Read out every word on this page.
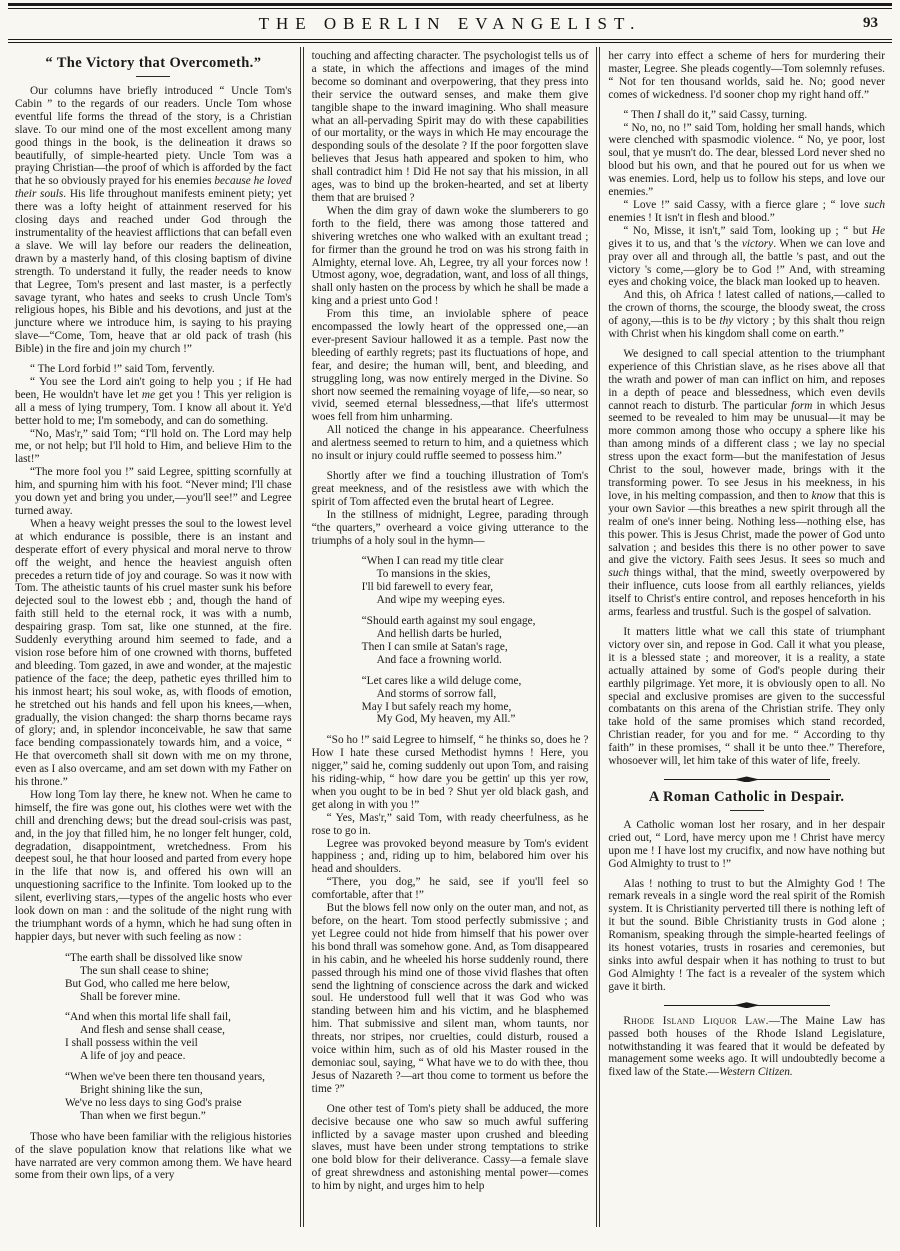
THE OBERLIN EVANGELIST.	93
“ The Victory that Overcometh.”

Our columns have briefly introduced “ Uncle Tom's Cabin ” to the regards of our readers. Uncle Tom whose eventful life forms the thread of the story, is a Christian slave. To our mind one of the most excellent among many good things in the book, is the delineation it draws so beautifully, of simple-hearted piety. Uncle Tom was a praying Christian—the proof of which is afforded by the fact that he so obviously prayed for his enemies because he loved their souls. His life throughout manifests eminent piety; yet there was a lofty height of attainment reserved for his closing days and reached under God through the instrumentality of the heaviest afflictions that can befall even a slave. We will lay before our readers the delineation, drawn by a masterly hand, of this closing baptism of divine strength. To understand it fully, the reader needs to know that Legree, Tom's present and last master, is a perfectly savage tyrant, who hates and seeks to crush Uncle Tom's religious hopes, his Bible and his devotions, and just at the juncture where we introduce him, is saying to his praying slave—“Come, Tom, heave that ar old pack of trash (his Bible) in the fire and join my church !”

“ The Lord forbid !” said Tom, fervently.

“ You see the Lord ain't going to help you ; if He had been, He wouldn't have let me get you ! This yer religion is all a mess of lying trumpery, Tom. I know all about it. Ye'd better hold to me; I'm somebody, and can do something.

“No, Mas'r,” said Tom; “I'll hold on. The Lord may help me, or not help; but I'll hold to Him, and believe Him to the last!”

“The more fool you !” said Legree, spitting scornfully at him, and spurning him with his foot. “Never mind; I'll chase you down yet and bring you under,—you'll see!” and Legree turned away.

When a heavy weight presses the soul to the lowest level at which endurance is possible, there is an instant and desperate effort of every physical and moral nerve to throw off the weight, and hence the heaviest anguish often precedes a return tide of joy and courage. So was it now with Tom. The atheistic taunts of his cruel master sunk his before dejected soul to the lowest ebb ; and, though the hand of faith still held to the eternal rock, it was with a numb, despairing grasp. Tom sat, like one stunned, at the fire. Suddenly everything around him seemed to fade, and a vision rose before him of one crowned with thorns, buffeted and bleeding. Tom gazed, in awe and wonder, at the majestic patience of the face; the deep, pathetic eyes thrilled him to his inmost heart; his soul woke, as, with floods of emotion, he stretched out his hands and fell upon his knees,—when, gradually, the vision changed: the sharp thorns became rays of glory; and, in splendor inconceivable, he saw that same face bending compassionately towards him, and a voice, “ He that overcometh shall sit down with me on my throne, even as I also overcame, and am set down with my Father on his throne.”

How long Tom lay there, he knew not. When he came to himself, the fire was gone out, his clothes were wet with the chill and drenching dews; but the dread soul-crisis was past, and, in the joy that filled him, he no longer felt hunger, cold, degradation, disappointment, wretchedness. From his deepest soul, he that hour loosed and parted from every hope in the life that now is, and offered his own will an unquestioning sacrifice to the Infinite. Tom looked up to the silent, everliving stars,—types of the angelic hosts who ever look down on man : and the solitude of the night rung with the triumphant words of a hymn, which he had sung often in happier days, but never with such feeling as now :

“The earth shall be dissolved like snow
The sun shall cease to shine;
But God, who called me here below,
Shall be forever mine.
“And when this mortal life shall fail,
And flesh and sense shall cease,
I shall possess within the veil
A life of joy and peace.
“When we've been there ten thousand years,
Bright shining like the sun,
We've no less days to sing God's praise
Than when we first begun.”

Those who have been familiar with the religious histories of the slave population know that relations like what we have narrated are very common among them. We have heard some from their own lips, of a very

touching and affecting character. The psychologist tells us of a state, in which the affections and images of the mind become so dominant and overpowering, that they press into their service the outward senses, and make them give tangible shape to the inward imagining. Who shall measure what an all-pervading Spirit may do with these capabilities of our mortality, or the ways in which He may encourage the desponding souls of the desolate ? If the poor forgotten slave believes that Jesus hath appeared and spoken to him, who shall contradict him ! Did He not say that his mission, in all ages, was to bind up the broken-hearted, and set at liberty them that are bruised ?

When the dim gray of dawn woke the slumberers to go forth to the field, there was among those tattered and shivering wretches one who walked with an exultant tread ; for firmer than the ground he trod on was his strong faith in Almighty, eternal love. Ah, Legree, try all your forces now ! Utmost agony, woe, degradation, want, and loss of all things, shall only hasten on the process by which he shall be made a king and a priest unto God !

From this time, an inviolable sphere of peace encompassed the lowly heart of the oppressed one,—an ever-present Saviour hallowed it as a temple. Past now the bleeding of earthly regrets; past its fluctuations of hope, and fear, and desire; the human will, bent, and bleeding, and struggling long, was now entirely merged in the Divine. So short now seemed the remaining voyage of life,—so near, so vivid, seemed eternal blessedness,—that life's uttermost woes fell from him unharming.

All noticed the change in his appearance. Cheerfulness and alertness seemed to return to him, and a quietness which no insult or injury could ruffle seemed to possess him.”

Shortly after we find a touching illustration of Tom's great meekness, and of the resistless awe with which the spirit of Tom affected even the brutal heart of Legree.

In the stillness of midnight, Legree, parading through “the quarters,” overheard a voice giving utterance to the triumphs of a holy soul in the hymn—

“When I can read my title clear
To mansions in the skies,
I'll bid farewell to every fear,
And wipe my weeping eyes.
“Should earth against my soul engage,
And hellish darts be hurled,
Then I can smile at Satan's rage,
And face a frowning world.
“Let cares like a wild deluge come,
And storms of sorrow fall,
May I but safely reach my home,
My God, My heaven, my All.”

“So ho !” said Legree to himself, “ he thinks so, does he ? How I hate these cursed Methodist hymns ! Here, you nigger,” said he, coming suddenly out upon Tom, and raising his riding-whip, “ how dare you be gettin' up this yer row, when you ought to be in bed ? Shut yer old black gash, and get along in with you !”

“ Yes, Mas'r,” said Tom, with ready cheerfulness, as he rose to go in.

Legree was provoked beyond measure by Tom's evident happiness ; and, riding up to him, belabored him over his head and shoulders.

“There, you dog,” he said, see if you'll feel so comfortable, after that !”

But the blows fell now only on the outer man, and not, as before, on the heart. Tom stood perfectly submissive ; and yet Legree could not hide from himself that his power over his bond thrall was somehow gone. And, as Tom disappeared in his cabin, and he wheeled his horse suddenly round, there passed through his mind one of those vivid flashes that often send the lightning of conscience across the dark and wicked soul. He understood full well that it was God who was standing between him and his victim, and he blasphemed him. That submissive and silent man, whom taunts, nor threats, nor stripes, nor cruelties, could disturb, roused a voice within him, such as of old his Master roused in the demoniac soul, saying, “ What have we to do with thee, thou Jesus of Nazareth ?—art thou come to torment us before the time ?”

One other test of Tom's piety shall be adduced, the more decisive because one who saw so much awful suffering inflicted by a savage master upon crushed and bleeding slaves, must have been under strong temptations to strike one bold blow for their deliverance. Cassy—a female slave of great shrewdness and astonishing mental power—comes to him by night, and urges him to help

her carry into effect a scheme of hers for murdering their master, Legree. She pleads cogently—Tom solemnly refuses. “ Not for ten thousand worlds, said he. No; good never comes of wickedness. I'd sooner chop my right hand off.”

“ Then I shall do it,” said Cassy, turning.

“ No, no, no !” said Tom, holding her small hands, which were clenched with spasmodic violence. “ No, ye poor, lost soul, that ye musn't do. The dear, blessed Lord never shed no blood but his own, and that he poured out for us when we was enemies. Lord, help us to follow his steps, and love our enemies.”

“ Love !” said Cassy, with a fierce glare ; “ love such enemies ! It isn't in flesh and blood.”

“ No, Misse, it isn't,” said Tom, looking up ; “ but He gives it to us, and that 's the victory. When we can love and pray over all and through all, the battle 's past, and out the victory 's come,—glory be to God !” And, with streaming eyes and choking voice, the black man looked up to heaven.

And this, oh Africa ! latest called of nations,—called to the crown of thorns, the scourge, the bloody sweat, the cross of agony,—this is to be thy victory ; by this shalt thou reign with Christ when his kingdom shall come on earth.”

We designed to call special attention to the triumphant experience of this Christian slave, as he rises above all that the wrath and power of man can inflict on him, and reposes in a depth of peace and blessedness, which even devils cannot reach to disturb. The particular form in which Jesus seemed to be revealed to him may be unusual—it may be more common among those who occupy a sphere like his than among minds of a different class ; we lay no special stress upon the exact form—but the manifestation of Jesus Christ to the soul, however made, brings with it the transforming power. To see Jesus in his meekness, in his love, in his melting compassion, and then to know that this is your own Savior —this breathes a new spirit through all the realm of one's inner being. Nothing less—nothing else, has this power. This is Jesus Christ, made the power of God unto salvation ; and besides this there is no other power to save and give the victory. Faith sees Jesus. It sees so much and such things withal, that the mind, sweetly overpowered by their influence, cuts loose from all earthly reliances, yields itself to Christ's entire control, and reposes henceforth in his arms, fearless and trustful. Such is the gospel of salvation.

It matters little what we call this state of triumphant victory over sin, and repose in God. Call it what you please, it is a blessed state ; and moreover, it is a reality, a state actually attained by some of God's people during their earthly pilgrimage. Yet more, it is obviously open to all. No special and exclusive promises are given to the successful combatants on this arena of the Christian strife. They only take hold of the same promises which stand recorded, Christian reader, for you and for me. “ According to thy faith” in these promises, “ shall it be unto thee.” Therefore, whosoever will, let him take of this water of life, freely.

A Roman Catholic in Despair.

A Catholic woman lost her rosary, and in her despair cried out, “ Lord, have mercy upon me ! Christ have mercy upon me ! I have lost my crucifix, and now have nothing but God Almighty to trust to !”

Alas ! nothing to trust to but the Almighty God ! The remark reveals in a single word the real spirit of the Romish system. It is Christianity perverted till there is nothing left of it but the sound. Bible Christianity trusts in God alone ; Romanism, speaking through the simple-hearted feelings of its honest votaries, trusts in rosaries and ceremonies, but sinks into awful despair when it has nothing to trust to but God Almighty ! The fact is a revealer of the system which gave it birth.

Rhode Island Liquor Law.—The Maine Law has passed both houses of the Rhode Island Legislature, notwithstanding it was feared that it would be defeated by management some weeks ago. It will undoubtedly become a fixed law of the State.—Western Citizen.
